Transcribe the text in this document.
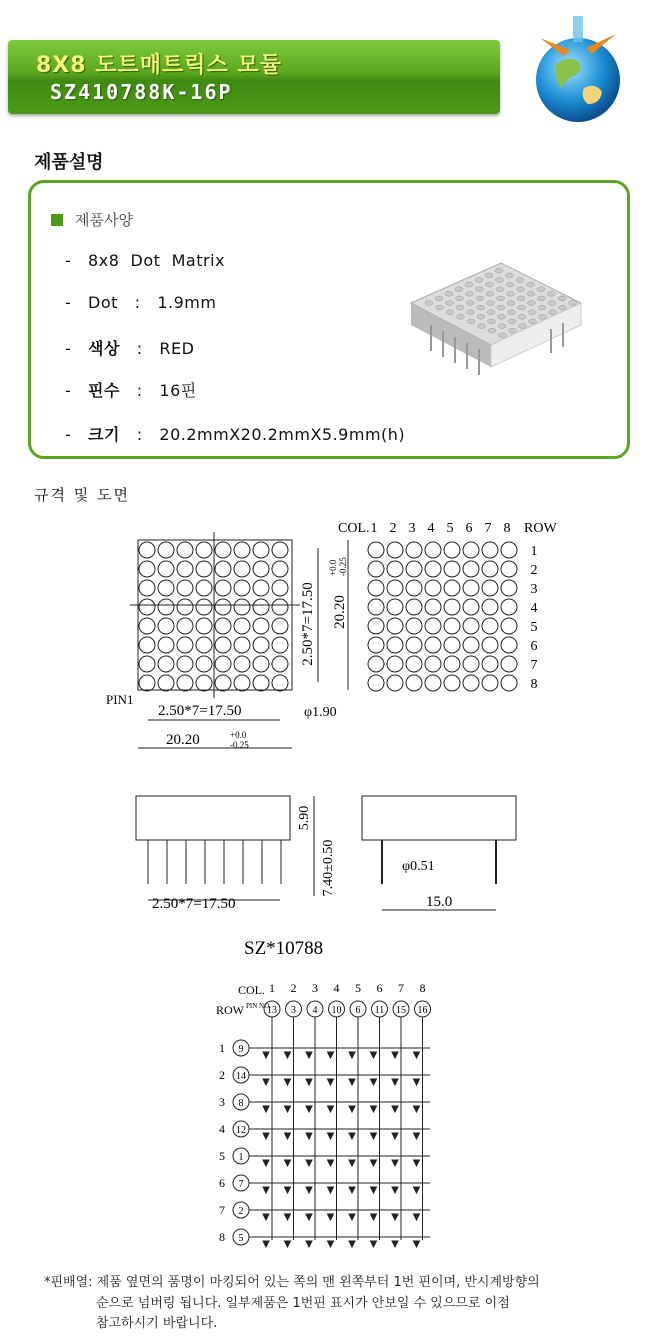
8X8 도트매트릭스 모듈
SZ410788K-16P
제품설명
제품사양
- 8x8  Dot  Matrix
- Dot : 1.9mm
- 색상 : RED
- 핀수 : 16핀
- 크기 : 20.2mmX20.2mmX5.9mm(h)
규격 및 도면
2.50*7=17.50 20.20
+0.0 -0.25
PIN1
2.50*7=17.50	φ1.90
20.20	+0.0
-0.25
COL.	ROW
1 2 3 4 5 6 7 8
1
2
3
4
5
6
7
8
2.50*7=17.50
5.90
7.40±0.50	φ0.51
15.0
SZ*10788
COL.
ROW PIN NO.
1 2 3 4 5 6 7 8
13 3 4 10 6 11 15 16
1 9
2 14
3 8
4 12
5 1
6 7
7 2
8 5
*핀배열: 제품 옆면의 품명이 마킹되어 있는 쪽의 맨 왼쪽부터 1번 핀이며, 반시계방향의
순으로 넘버링 됩니다. 일부제품은 1번핀 표시가 안보일 수 있으므로 이점
참고하시기 바랍니다.
